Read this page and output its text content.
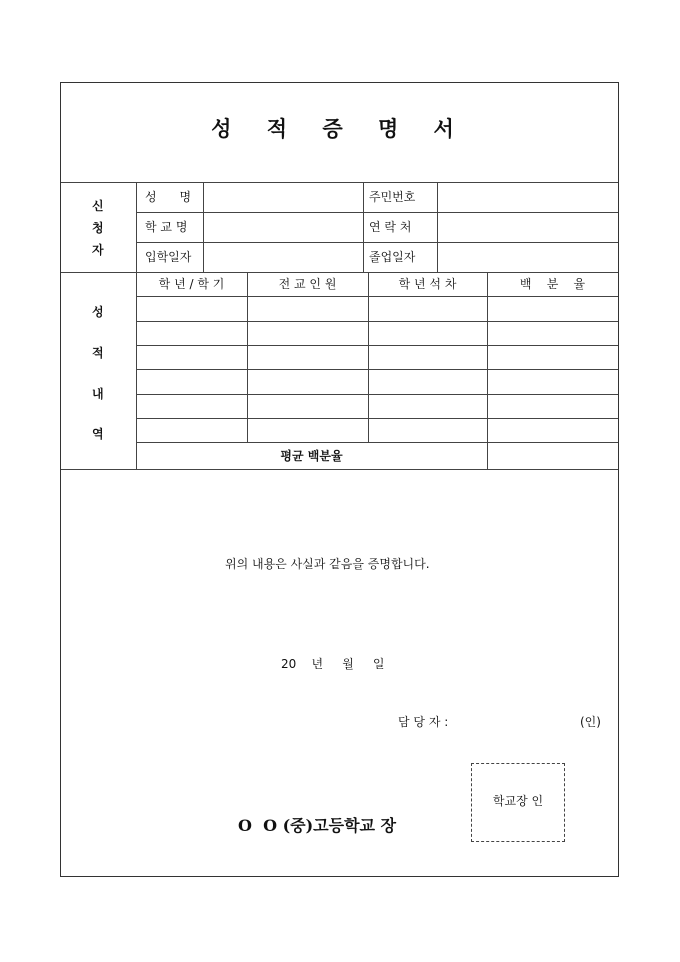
성 적 증 명 서
신
청
자
성      명	주민번호
학 교 명	연 락 처
입학일자	졸업일자
성
적
내
역
학 년 / 학 기	전 교 인 원	학 년 석 차	백    분    율
평균 백분율
위의 내용은 사실과 같음을 증명합니다.
20    년     월     일
담 당 자 :	(인)
학교장 인
O  O (중)고등학교 장
